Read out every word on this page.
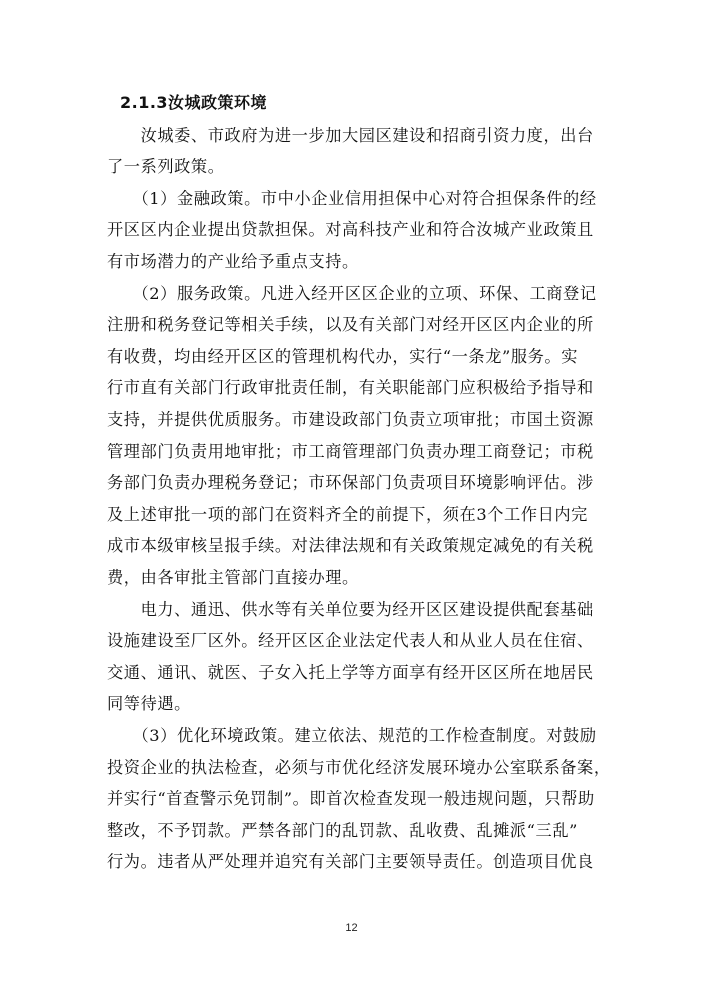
2.1.3汝城政策环境
　　汝城委、市政府为进一步加大园区建设和招商引资力度，出台
了一系列政策。
　　（1）金融政策。市中小企业信用担保中心对符合担保条件的经
开区区内企业提出贷款担保。对高科技产业和符合汝城产业政策且
有市场潜力的产业给予重点支持。
　　（2）服务政策。凡进入经开区区企业的立项、环保、工商登记
注册和税务登记等相关手续，以及有关部门对经开区区内企业的所
有收费，均由经开区区的管理机构代办，实行“一条龙”服务。实
行市直有关部门行政审批责任制，有关职能部门应积极给予指导和
支持，并提供优质服务。市建设政部门负责立项审批；市国土资源
管理部门负责用地审批；市工商管理部门负责办理工商登记；市税
务部门负责办理税务登记；市环保部门负责项目环境影响评估。涉
及上述审批一项的部门在资料齐全的前提下，须在3个工作日内完
成市本级审核呈报手续。对法律法规和有关政策规定减免的有关税
费，由各审批主管部门直接办理。
　　电力、通迅、供水等有关单位要为经开区区建设提供配套基础
设施建设至厂区外。经开区区企业法定代表人和从业人员在住宿、
交通、通讯、就医、子女入托上学等方面享有经开区区所在地居民
同等待遇。
　　（3）优化环境政策。建立依法、规范的工作检查制度。对鼓励
投资企业的执法检查，必须与市优化经济发展环境办公室联系备案，
并实行“首查警示免罚制”。即首次检查发现一般违规问题，只帮助
整改，不予罚款。严禁各部门的乱罚款、乱收费、乱摊派“三乱”
行为。违者从严处理并追究有关部门主要领导责任。创造项目优良
12
